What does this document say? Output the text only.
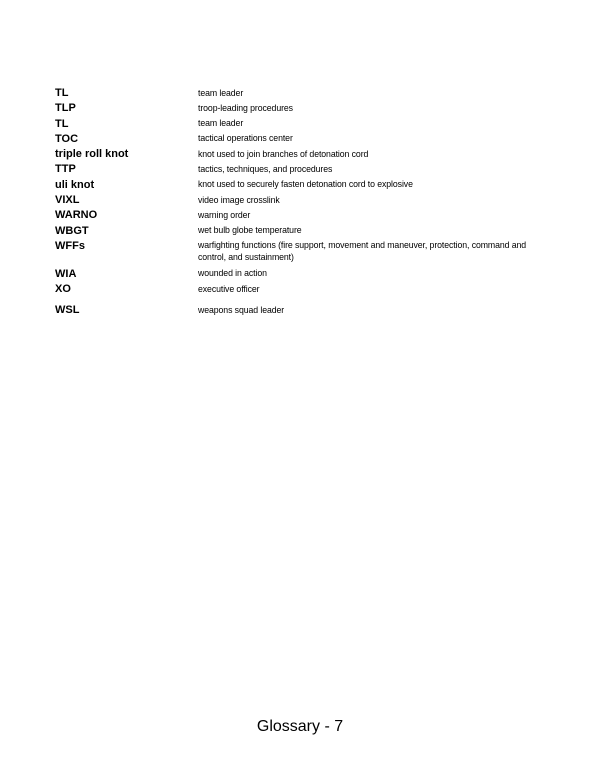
TL	team leader
TLP	troop-leading procedures
TL	team leader
TOC	tactical operations center
triple roll knot	knot used to join branches of detonation cord
TTP	tactics, techniques, and procedures
uli knot	knot used to securely fasten detonation cord to explosive
VIXL	video image crosslink
WARNO	warning order
WBGT	wet bulb globe temperature
WFFs	warfighting functions (fire support, movement and maneuver, protection, command and control, and sustainment)
WIA	wounded in action
XO	executive officer
WSL	weapons squad leader
Glossary - 7
